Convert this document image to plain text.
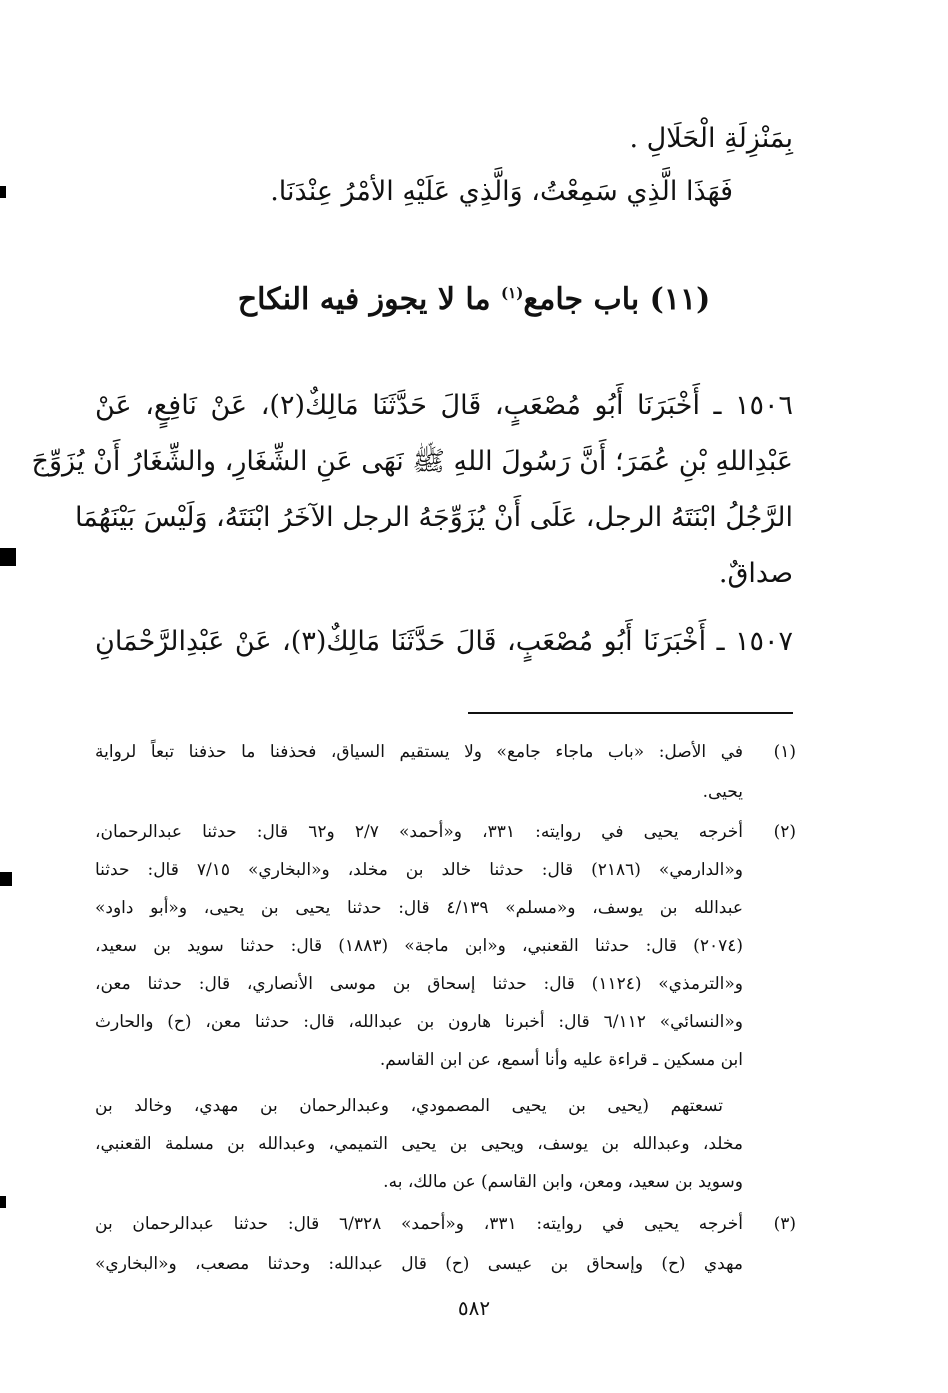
بِمَنْزِلَةِ الْحَلَالِ .
فَهَذَا الَّذِي سَمِعْتُ، وَالَّذِي عَلَيْهِ الأمْرُ عِنْدَنَا.
(١١) باب جامع$^{(١)}$ ما لا يجوز فيه النكاح
١٥٠٦ ـ أَخْبَرَنَا أَبُو مُصْعَبٍ، قَالَ حَدَّثَنَا مَالِكٌ(٢)، عَنْ نَافِعٍ، عَنْ
عَبْدِاللهِ بْنِ عُمَرَ؛ أَنَّ رَسُولَ اللهِ ﷺ نَهَى عَنِ الشِّغَارِ، والشِّغَارُ أَنْ يُزَوِّجَ
الرَّجُلُ ابْنَتَهُ الرجل، عَلَى أَنْ يُزَوِّجَهُ الرجل الآخَرُ ابْنَتَهُ، وَلَيْسَ بَيْنَهُمَا
صداقٌ.
١٥٠٧ ـ أَخْبَرَنَا أَبُو مُصْعَبٍ، قَالَ حَدَّثَنَا مَالِكٌ(٣)، عَنْ عَبْدِالرَّحْمَانِ
(١)
في الأصل: «باب ماجاء جامع» ولا يستقيم السياق، فحذفنا ما حذفنا تبعاً لرواية
يحيى.
(٢)
أخرجه يحيى في روايته: ٣٣١، و«أحمد» ٢/٧ و٦٢ قال: حدثنا عبدالرحمان،
و«الدارمي» (٢١٨٦) قال: حدثنا خالد بن مخلد، و«البخاري» ٧/١٥ قال: حدثنا
عبدالله بن يوسف، و«مسلم» ٤/١٣٩ قال: حدثنا يحيى بن يحيى، و«أبو داود»
(٢٠٧٤) قال: حدثنا القعنبي، و«ابن ماجة» (١٨٨٣) قال: حدثنا سويد بن سعيد،
و«الترمذي» (١١٢٤) قال: حدثنا إسحاق بن موسى الأنصاري، قال: حدثنا معن،
و«النسائي» ٦/١١٢ قال: أخبرنا هارون بن عبدالله، قال: حدثنا معن، (ح) والحارث
ابن مسكين ـ قراءة عليه وأنا أسمع، عن ابن القاسم.
تسعتهم (يحيى بن يحيى المصمودي، وعبدالرحمان بن مهدي، وخالد بن
مخلد، وعبدالله بن يوسف، ويحيى بن يحيى التميمي، وعبدالله بن مسلمة القعنبي،
وسويد بن سعيد، ومعن، وابن القاسم) عن مالك، به.
(٣)
أخرجه يحيى في روايته: ٣٣١، و«أحمد» ٦/٣٢٨ قال: حدثنا عبدالرحمان بن
مهدي (ح) وإسحاق بن عيسى (ح) قال عبدالله: وحدثنا مصعب، و«البخاري»
٥٨٢
